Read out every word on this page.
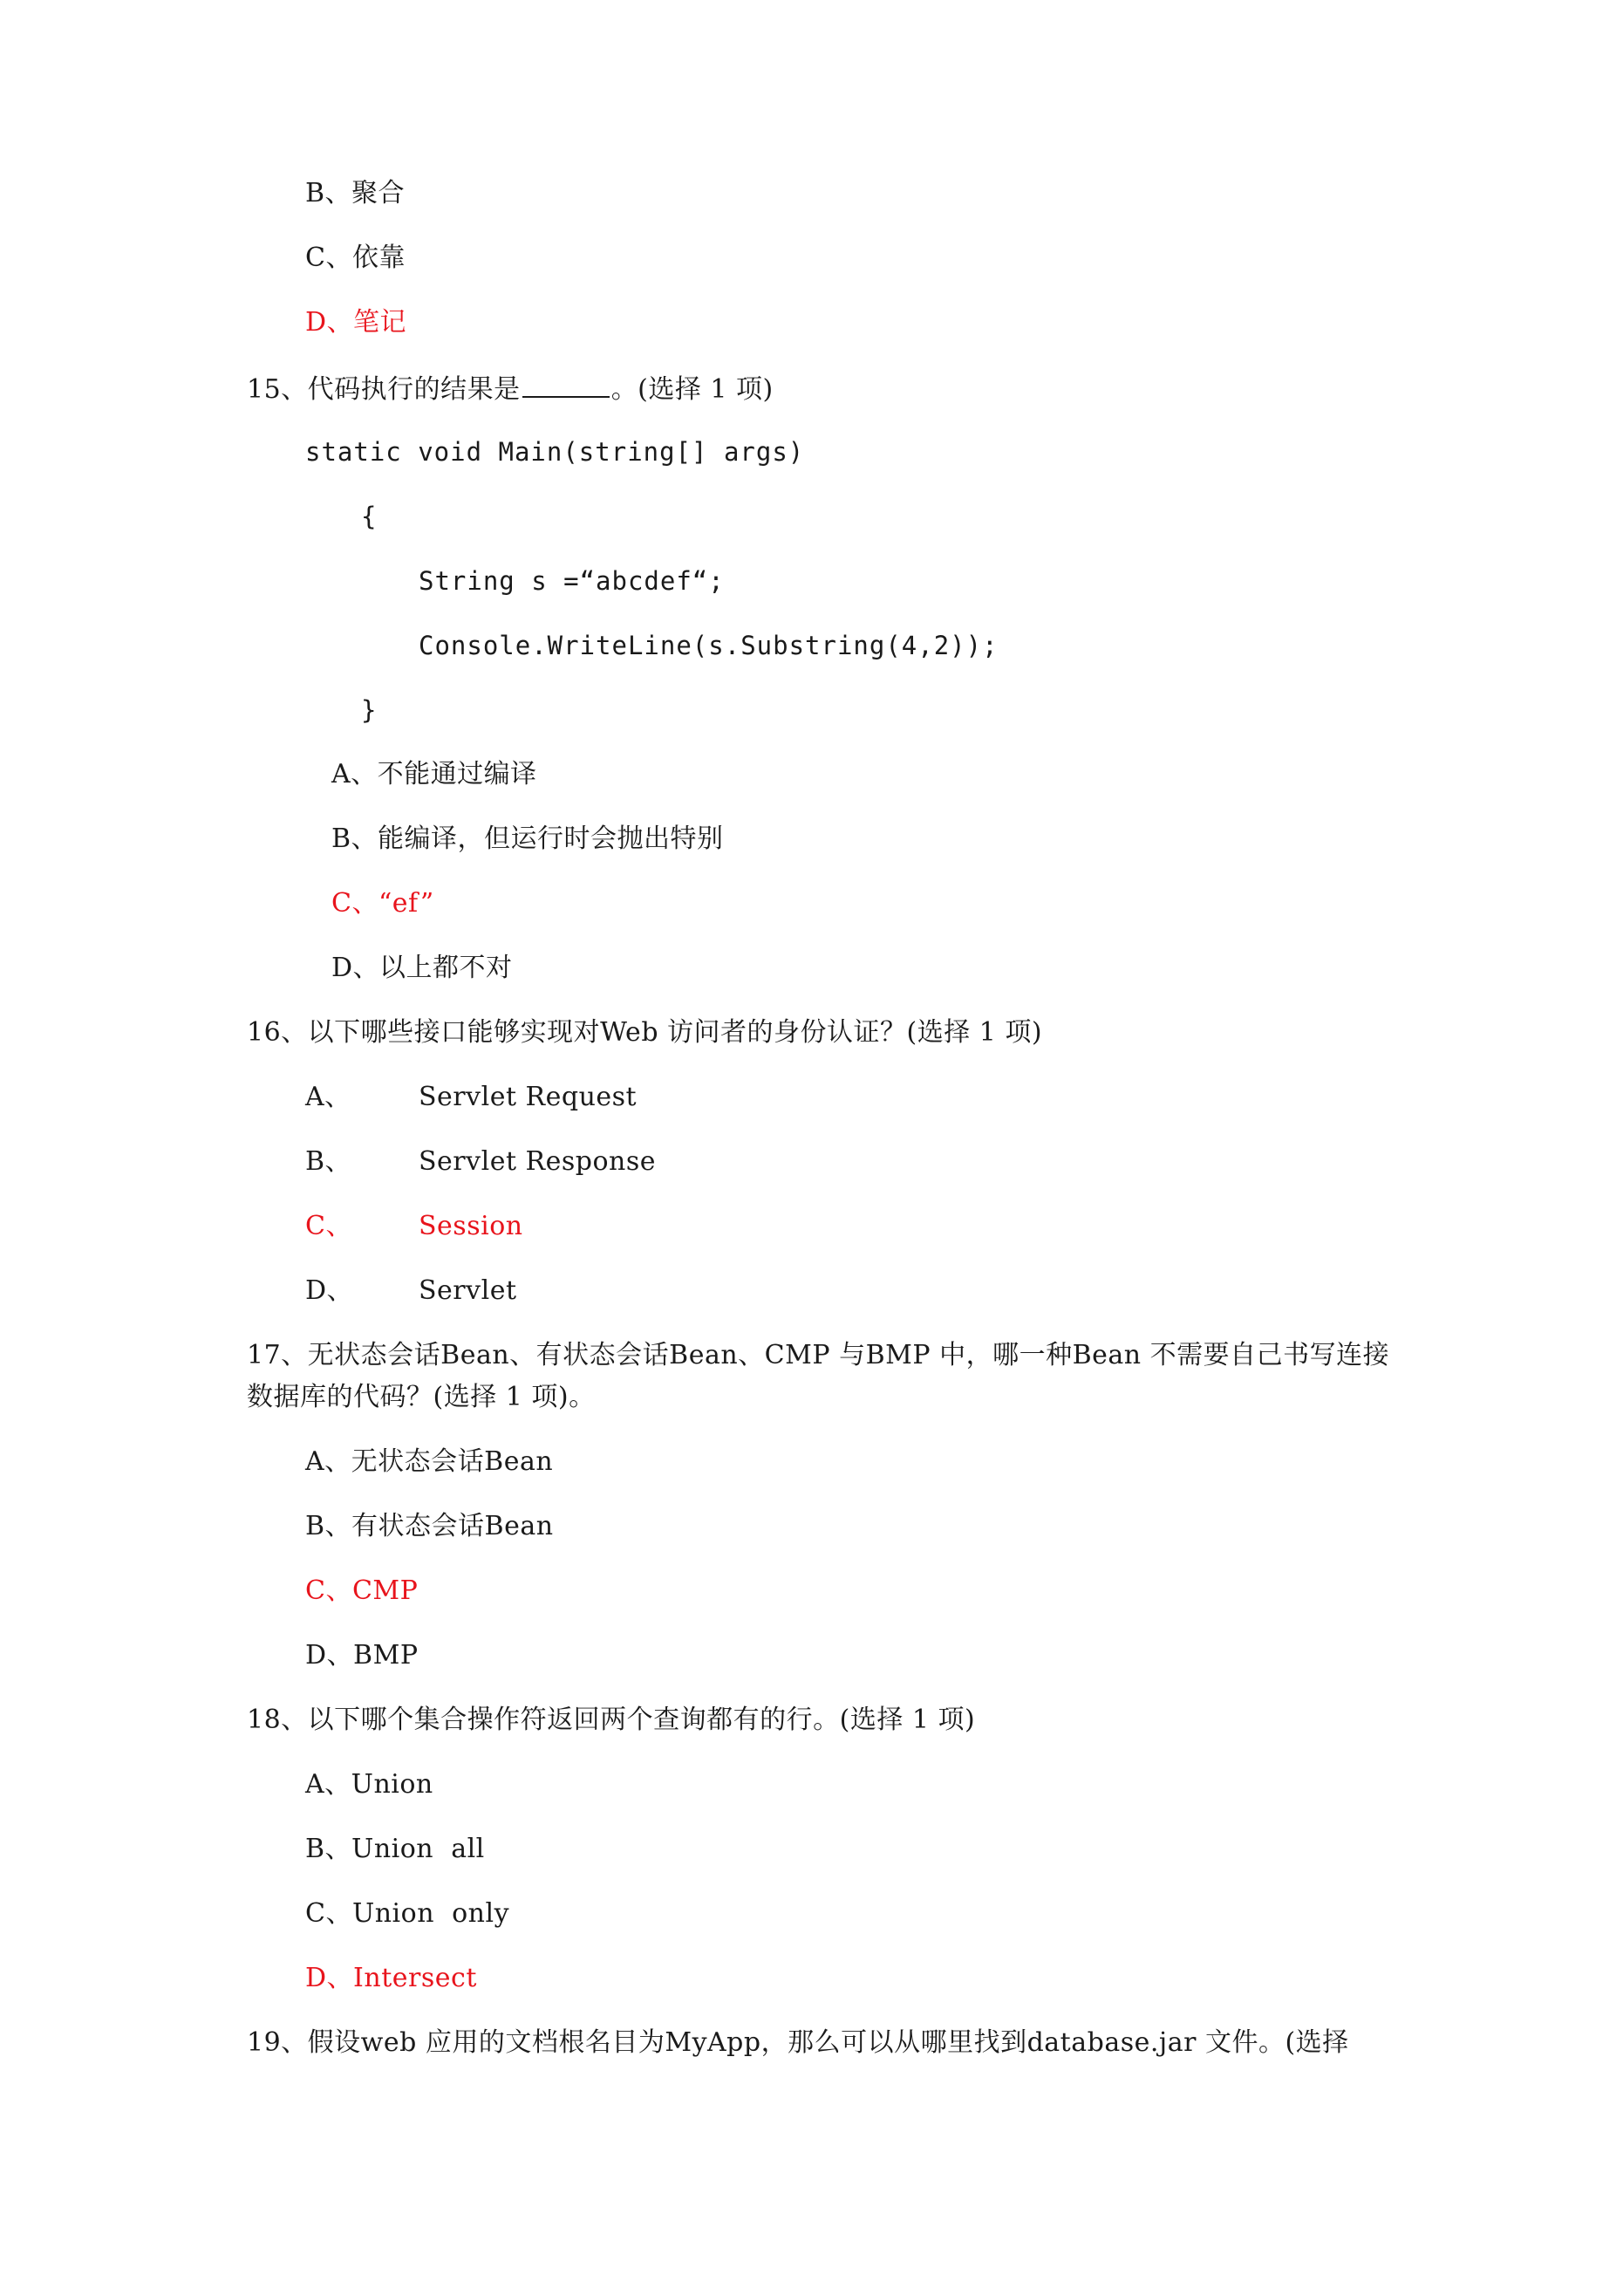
B、聚合
C、依靠
D、笔记
15、代码执行的结果是	。(选择 1 项)
static void Main(string[] args)
{
String s =“abcdef“;
Console.WriteLine(s.Substring(4,2));
}
A、不能通过编译
B、能编译，但运行时会抛出特别
C、“ef”
D、以上都不对
16、以下哪些接口能够实现对Web 访问者的身份认证？(选择 1 项)
A、	Servlet Request
B、	Servlet Response
C、	Session
D、 Servlet
17、无状态会话Bean、有状态会话Bean、CMP 与BMP 中，哪一种Bean 不需要自己书写连接
数据库的代码？(选择 1 项)。
A、无状态会话Bean
B、有状态会话Bean
C、CMP
D、BMP
18、以下哪个集合操作符返回两个查询都有的行。(选择 1 项)
A、Union
B、Union  all
C、Union  only
D、Intersect
19、假设web 应用的文档根名目为MyApp，那么可以从哪里找到database.jar 文件。(选择
